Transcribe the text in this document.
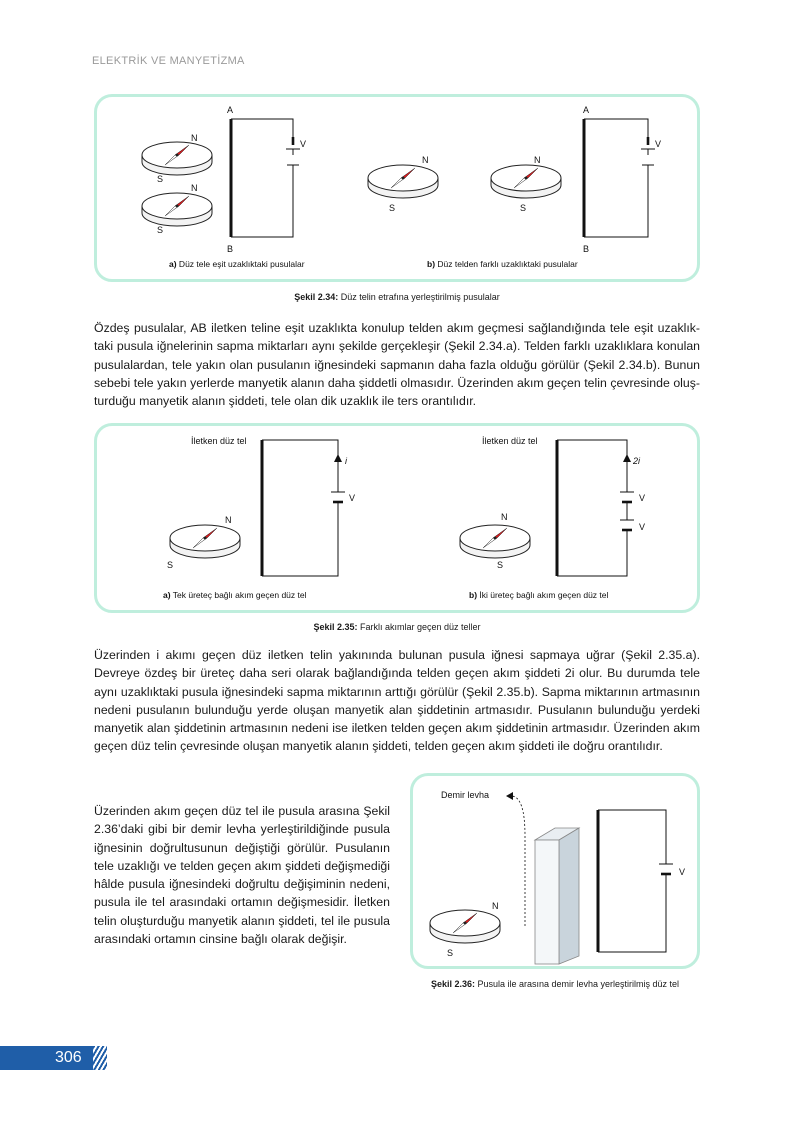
ELEKTRİK VE MANYETİZMA
N
S
N
S
A
B
V
N
S
N
S
A
B
V
a) Düz tele eşit uzaklıktaki pusulalar	b) Düz telden farklı uzaklıktaki pusulalar
Şekil 2.34: Düz telin etrafına yerleştirilmiş pusulalar
Özdeş pusulalar, AB iletken teline eşit uzaklıkta konulup telden akım geçmesi sağlandığında tele eşit uzaklık-taki pusula iğnelerinin sapma miktarları aynı şekilde gerçekleşir (Şekil 2.34.a). Telden farklı uzaklıklara konulan pusulalardan, tele yakın olan pusulanın iğnesindeki sapmanın daha fazla olduğu görülür (Şekil 2.34.b). Bunun sebebi tele yakın yerlerde manyetik alanın daha şiddetli olmasıdır. Üzerinden akım geçen telin çevresinde oluş-turduğu manyetik alanın şiddeti, tele olan dik uzaklık ile ters orantılıdır.
İletken düz tel
i
V
N
S
İletken düz tel
2i
V
V
N
S
a) Tek üreteç bağlı akım geçen düz tel	b) İki üreteç bağlı akım geçen düz tel
Şekil 2.35: Farklı akımlar geçen düz teller
Üzerinden i akımı geçen düz iletken telin yakınında bulunan pusula iğnesi sapmaya uğrar (Şekil 2.35.a). Devreye özdeş bir üreteç daha seri olarak bağlandığında telden geçen akım şiddeti 2i olur. Bu durumda tele aynı uzaklıktaki pusula iğnesindeki sapma miktarının arttığı görülür (Şekil 2.35.b). Sapma miktarının artmasının nedeni pusulanın bulunduğu yerde oluşan manyetik alan şiddetinin artmasıdır. Pusulanın bulunduğu yerdeki manyetik alan şiddetinin artmasının nedeni ise iletken telden geçen akım şiddetinin artmasıdır. Üzerinden akım geçen düz telin çevresinde oluşan manyetik alanın şiddeti, telden geçen akım şiddeti ile doğru orantılıdır.
Üzerinden akım geçen düz tel ile pusula arasına Şekil 2.36’daki gibi bir demir levha yerleştirildiğinde pusula iğnesinin doğrultusunun değiştiği görülür. Pusulanın tele uzaklığı ve telden geçen akım şiddeti değişmediği hâlde pusula iğnesindeki doğrultu değişiminin nedeni, pusula ile tel arasındaki ortamın değişmesidir. İletken telin oluşturduğu manyetik alanın şiddeti, tel ile pusula arasındaki ortamın cinsine bağlı olarak değişir.
Demir levha
V
N
S
Şekil 2.36: Pusula ile arasına demir levha yerleştirilmiş düz tel
306
